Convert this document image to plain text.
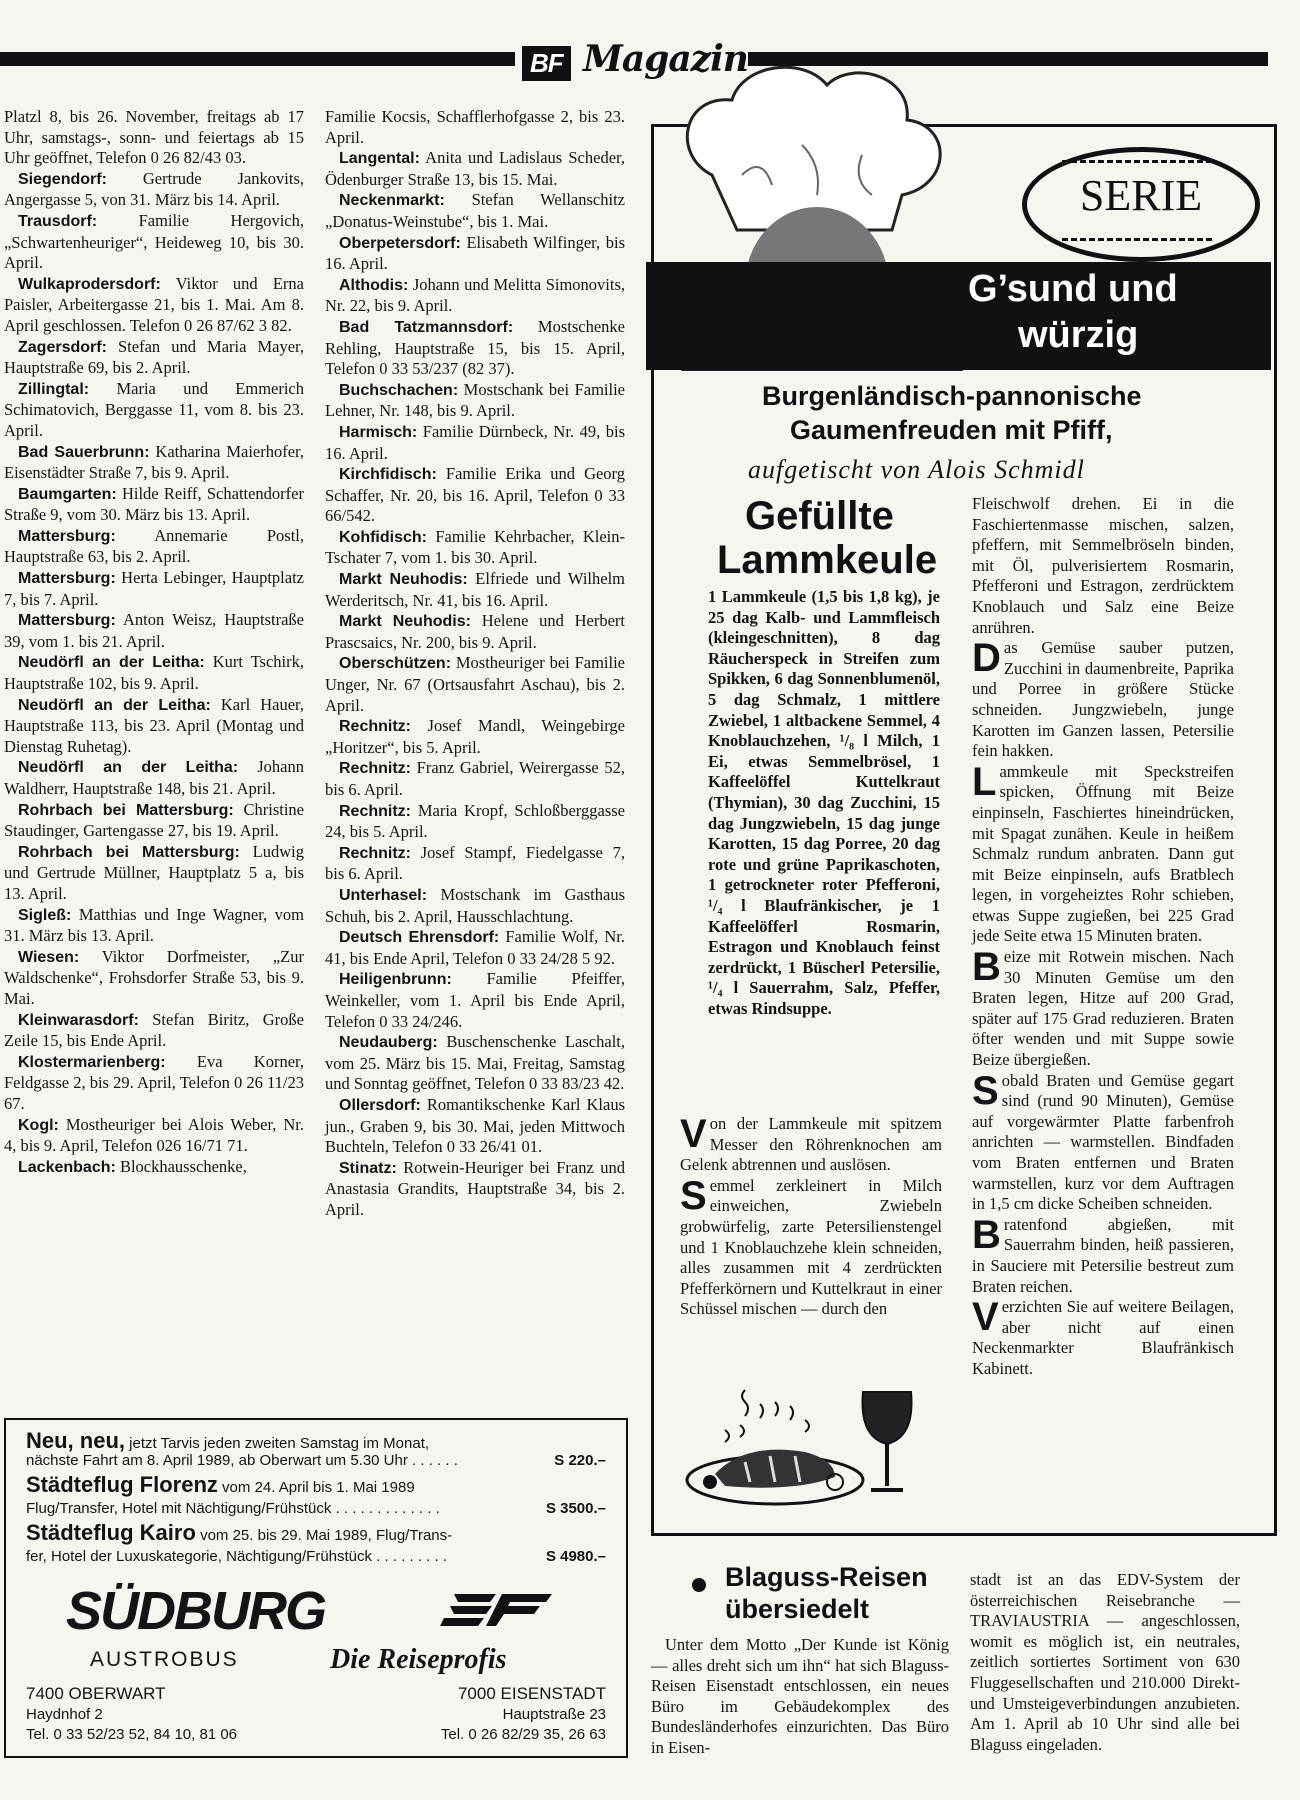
BF Magazin

Platzl 8, bis 26. November, freitags ab 17 Uhr, samstags-, sonn- und feiertags ab 15 Uhr geöffnet, Telefon 0 26 82/43 03.

Siegendorf: Gertrude Jankovits, Angergasse 5, von 31. März bis 14. April.

Trausdorf:	Familie Hergovich, „Schwartenheuriger“, Heideweg 10, bis 30. April.

Wulkaprodersdorf: Viktor und Erna Paisler, Arbeitergasse 21, bis 1. Mai. Am 8. April geschlossen. Telefon 0 26 87/62 3 82.

Zagersdorf: Stefan und Maria Mayer, Hauptstraße 69, bis 2. April.

Zillingtal: Maria und Emmerich Schimatovich, Berggasse 11, vom 8. bis 23. April.

Bad Sauerbrunn: Katharina Maierhofer, Eisenstädter Straße 7, bis 9. April.

Baumgarten: Hilde Reiff, Schattendorfer Straße 9, vom 30. März bis 13. April.

Mattersburg: Annemarie Postl, Hauptstraße 63, bis 2. April.

Mattersburg: Herta Lebinger, Hauptplatz 7, bis 7. April.

Mattersburg: Anton Weisz, Hauptstraße 39, vom 1. bis 21. April.

Neudörfl an der Leitha: Kurt Tschirk, Hauptstraße 102, bis 9. April.

Neudörfl an der Leitha: Karl Hauer, Hauptstraße 113, bis 23. April (Montag und Dienstag Ruhetag).

Neudörfl an der Leitha: Johann Waldherr, Hauptstraße 148, bis 21. April.

Rohrbach bei Mattersburg: Christine Staudinger, Gartengasse 27, bis 19. April.

Rohrbach bei Mattersburg: Ludwig und Gertrude Müllner, Hauptplatz 5 a, bis 13. April.

Sigleß: Matthias und Inge Wagner, vom 31. März bis 13. April.

Wiesen: Viktor Dorfmeister, „Zur Waldschenke“, Frohsdorfer Straße 53, bis 9. Mai.

Kleinwarasdorf: Stefan Biritz, Große Zeile 15, bis Ende April.

Klostermarienberg: Eva Korner, Feldgasse 2, bis 29. April, Telefon 0 26 11/23 67.

Kogl: Mostheuriger bei Alois Weber, Nr. 4, bis 9. April, Telefon 026 16/71 71.

Lackenbach: Blockhausschenke,

Familie Kocsis, Schafflerhofgasse 2, bis 23. April.

Langental: Anita und Ladislaus Scheder, Ödenburger Straße 13, bis 15. Mai.

Neckenmarkt: Stefan Wellanschitz „Donatus-Weinstube“, bis 1. Mai.

Oberpetersdorf: Elisabeth Wilfinger, bis 16. April.

Althodis: Johann und Melitta Simonovits, Nr. 22, bis 9. April.

Bad Tatzmannsdorf: Mostschenke Rehling, Hauptstraße 15, bis 15. April, Telefon 0 33 53/237 (82 37).

Buchschachen: Mostschank bei Familie Lehner, Nr. 148, bis 9. April.

Harmisch: Familie Dürnbeck, Nr. 49, bis 16. April.

Kirchfidisch: Familie Erika und Georg Schaffer, Nr. 20, bis 16. April, Telefon 0 33 66/542.

Kohfidisch: Familie Kehrbacher, Klein-Tschater 7, vom 1. bis 30. April.

Markt Neuhodis: Elfriede und Wilhelm Werderitsch, Nr. 41, bis 16. April.

Markt Neuhodis: Helene und Herbert Prascsaics, Nr. 200, bis 9. April.

Oberschützen: Mostheuriger bei Familie Unger, Nr. 67 (Ortsausfahrt Aschau), bis 2. April.

Rechnitz: Josef Mandl, Weingebirge „Horitzer“, bis 5. April.

Rechnitz: Franz Gabriel, Weirergasse 52, bis 6. April.

Rechnitz: Maria Kropf, Schloßberggasse 24, bis 5. April.

Rechnitz: Josef Stampf, Fiedelgasse 7, bis 6. April.

Unterhasel: Mostschank im Gasthaus Schuh, bis 2. April, Hausschlachtung.

Deutsch Ehrensdorf: Familie Wolf, Nr. 41, bis Ende April, Telefon 0 33 24/28 5 92.

Heiligenbrunn: Familie Pfeiffer, Weinkeller, vom 1. April bis Ende April, Telefon 0 33 24/246.

Neudauberg: Buschenschenke Laschalt, vom 25. März bis 15. Mai, Freitag, Samstag und Sonntag geöffnet, Telefon 0 33 83/23 42.

Ollersdorf: Romantikschenke Karl Klaus jun., Graben 9, bis 30. Mai, jeden Mittwoch Buchteln, Telefon 0 33 26/41 01.

Stinatz: Rotwein-Heuriger bei Franz und Anastasia Grandits, Hauptstraße 34, bis 2. April.

Neu, neu, jetzt Tarvis jeden zweiten Samstag im Monat,
nächste Fahrt am 8. April 1989, ab Oberwart um 5.30 Uhr . . . . . .	S 220.–
Städteflug Florenz vom 24. April bis 1. Mai 1989
Flug/Transfer, Hotel mit Nächtigung/Frühstück . . . . . . . . . . . . .	S 3500.–
Städteflug Kairo vom 25. bis 29. Mai 1989, Flug/Trans-
fer, Hotel der Luxuskategorie, Nächtigung/Frühstück . . . . . . . . .	S 4980.–
SÜDBURG
AUSTROBUS	Die Reiseprofis
7400 OBERWART
Haydnhof 2
Tel. 0 33 52/23 52, 84 10, 81 06
7000 EISENSTADT
Hauptstraße 23
Tel. 0 26 82/29 35, 26 63
SERIE
G’sund und
würzig
Burgenländisch-pannonische
Gaumenfreuden mit Pfiff,
aufgetischt von Alois Schmidl
Gefüllte
Lammkeule
1 Lammkeule (1,5 bis 1,8 kg), je 25 dag Kalb- und Lammfleisch (kleingeschnitten), 8 dag Räucherspeck in Streifen zum Spikken, 6 dag Sonnenblumenöl, 5 dag Schmalz, 1 mittlere Zwiebel, 1 altbackene Semmel, 4 Knoblauchzehen, ¹/₈ l Milch, 1 Ei, etwas Semmelbrösel, 1 Kaffeelöffel Kuttelkraut (Thymian), 30 dag Zucchini, 15 dag Jungzwiebeln, 15 dag junge Karotten, 15 dag Porree, 20 dag rote und grüne Paprikaschoten, 1 getrockneter roter Pfefferoni, ¹/₄ l Blaufränkischer, je 1 Kaffeelöfferl Rosmarin, Estragon und Knoblauch feinst zerdrückt, 1 Büscherl Petersilie, ¹/₄ l Sauerrahm, Salz, Pfeffer, etwas Rindsuppe.

Von der Lammkeule mit spitzem Messer den Röhrenknochen am Gelenk abtrennen und auslösen.

Semmel zerkleinert in Milch einweichen, Zwiebeln grobwürfelig, zarte Petersilienstengel und 1 Knoblauchzehe klein schneiden, alles zusammen mit 4 zerdrückten Pfefferkörnern und Kuttelkraut in einer Schüssel mischen — durch den

Fleischwolf drehen. Ei in die Faschiertenmasse mischen, salzen, pfeffern, mit Semmelbröseln binden, mit Öl, pulverisiertem Rosmarin, Pfefferoni und Estragon, zerdrücktem Knoblauch und Salz eine Beize anrühren.

Das Gemüse sauber putzen, Zucchini in daumenbreite, Paprika und Porree in größere Stücke schneiden. Jungzwiebeln, junge Karotten im Ganzen lassen, Petersilie fein hakken.

Lammkeule mit Speckstreifen spicken, Öffnung mit Beize einpinseln, Faschiertes hineindrücken, mit Spagat zunähen. Keule in heißem Schmalz rundum anbraten. Dann gut mit Beize einpinseln, aufs Bratblech legen, in vorgeheiztes Rohr schieben, etwas Suppe zugießen, bei 225 Grad jede Seite etwa 15 Minuten braten.

Beize mit Rotwein mischen. Nach 30 Minuten Gemüse um den Braten legen, Hitze auf 200 Grad, später auf 175 Grad reduzieren. Braten öfter wenden und mit Suppe sowie Beize übergießen.

Sobald Braten und Gemüse gegart sind (rund 90 Minuten), Gemüse auf vorgewärmter Platte farbenfroh anrichten — warmstellen. Bindfaden vom Braten entfernen und Braten warmstellen, kurz vor dem Auftragen in 1,5 cm dicke Scheiben schneiden.

Bratenfond abgießen, mit Sauerrahm binden, heiß passieren, in Sauciere mit Petersilie bestreut zum Braten reichen.

Verzichten Sie auf weitere Beilagen, aber nicht auf einen Neckenmarkter Blaufränkisch Kabinett.

Blaguss-Reisen
übersiedelt
Unter dem Motto „Der Kunde ist König — alles dreht sich um ihn“ hat sich Blaguss-Reisen Eisenstadt entschlossen, ein neues Büro im Gebäudekomplex des Bundesländerhofes einzurichten. Das Büro in Eisen-
stadt ist an das EDV-System der österreichischen Reisebranche — TRAVIAUSTRIA — angeschlossen, womit es möglich ist, ein neutrales, zeitlich sortiertes Sortiment von 630 Fluggesellschaften und 210.000 Direkt- und Umsteigeverbindungen anzubieten. Am 1. April ab 10 Uhr sind alle bei Blaguss eingeladen.
